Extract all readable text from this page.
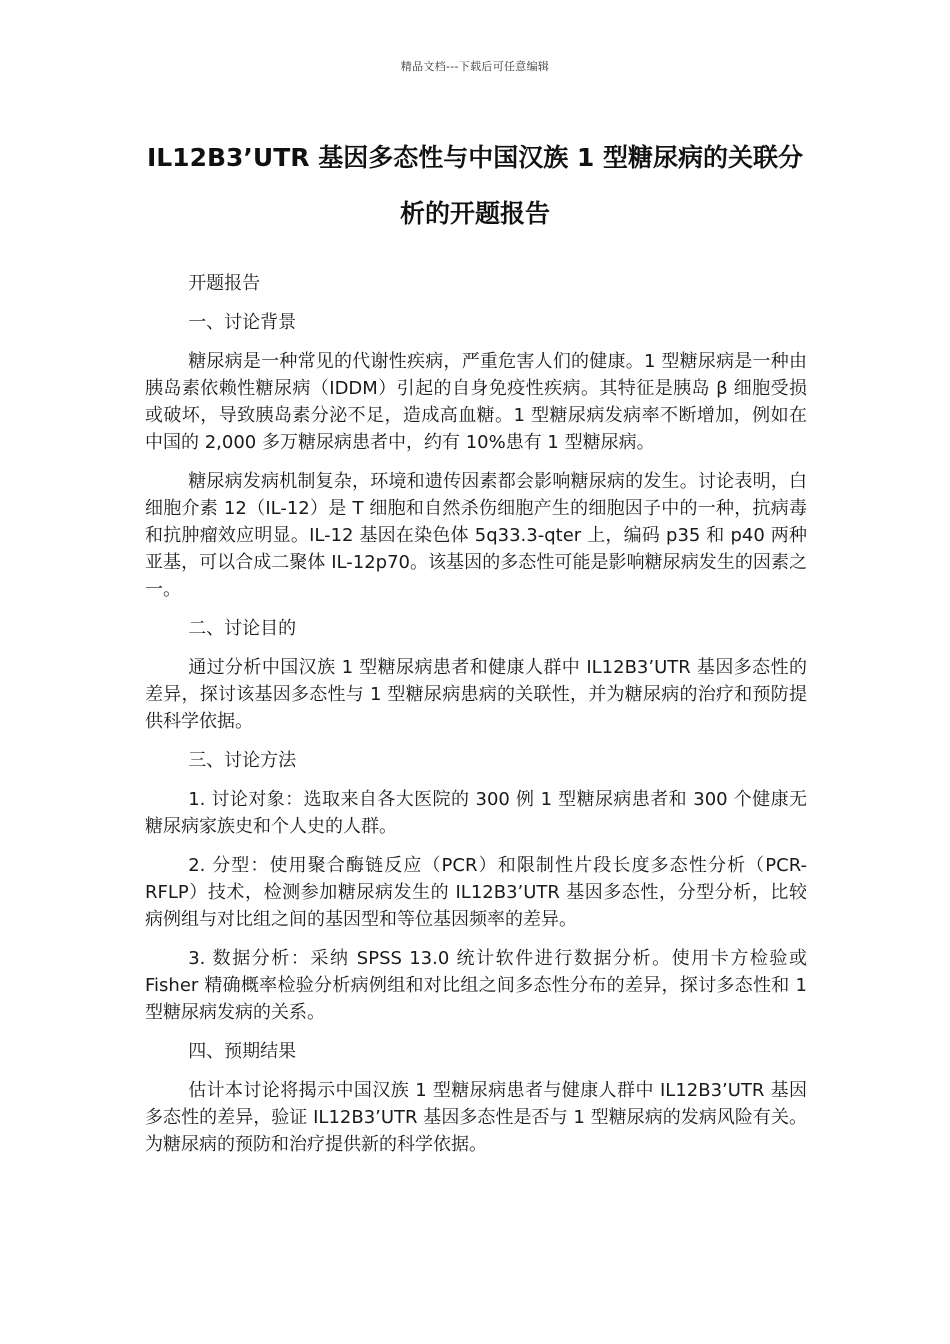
精品文档---下载后可任意编辑
IL12B3’UTR 基因多态性与中国汉族 1 型糖尿病的关联分析的开题报告

开题报告

一、讨论背景

糖尿病是一种常见的代谢性疾病，严重危害人们的健康。1 型糖尿病是一种由胰岛素依赖性糖尿病（IDDM）引起的自身免疫性疾病。其特征是胰岛 β 细胞受损或破坏，导致胰岛素分泌不足，造成高血糖。1 型糖尿病发病率不断增加，例如在中国的 2,000 多万糖尿病患者中，约有 10%患有 1 型糖尿病。

糖尿病发病机制复杂，环境和遗传因素都会影响糖尿病的发生。讨论表明，白细胞介素 12（IL-12）是 T 细胞和自然杀伤细胞产生的细胞因子中的一种，抗病毒和抗肿瘤效应明显。IL-12 基因在染色体 5q33.3-qter 上，编码 p35 和 p40 两种亚基，可以合成二聚体 IL-12p70。该基因的多态性可能是影响糖尿病发生的因素之一。

二、讨论目的

通过分析中国汉族 1 型糖尿病患者和健康人群中 IL12B3’UTR 基因多态性的差异，探讨该基因多态性与 1 型糖尿病患病的关联性，并为糖尿病的治疗和预防提供科学依据。

三、讨论方法

1. 讨论对象：选取来自各大医院的 300 例 1 型糖尿病患者和 300 个健康无糖尿病家族史和个人史的人群。

2. 分型：使用聚合酶链反应（PCR）和限制性片段长度多态性分析（PCR-RFLP）技术，检测参加糖尿病发生的 IL12B3’UTR 基因多态性，分型分析，比较病例组与对比组之间的基因型和等位基因频率的差异。

3. 数据分析：采纳 SPSS 13.0 统计软件进行数据分析。使用卡方检验或 Fisher 精确概率检验分析病例组和对比组之间多态性分布的差异，探讨多态性和 1 型糖尿病发病的关系。

四、预期结果

估计本讨论将揭示中国汉族 1 型糖尿病患者与健康人群中 IL12B3’UTR 基因多态性的差异，验证 IL12B3’UTR 基因多态性是否与 1 型糖尿病的发病风险有关。为糖尿病的预防和治疗提供新的科学依据。
